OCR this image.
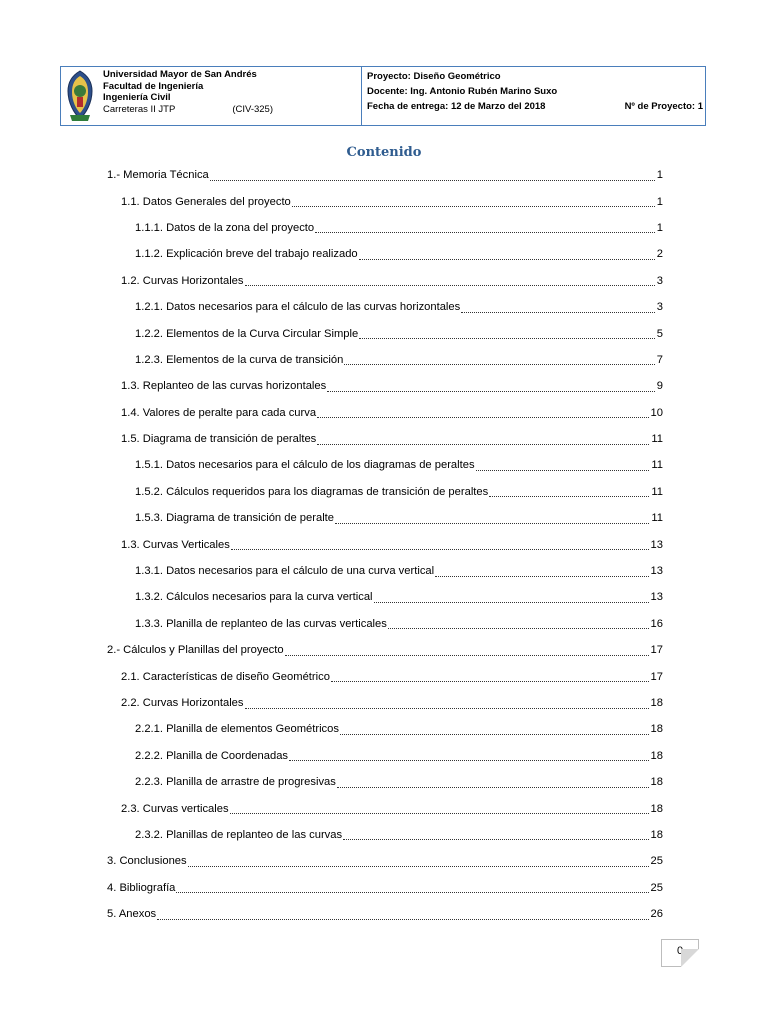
Universidad Mayor de San Andrés
Facultad de Ingeniería
Ingeniería Civil
Carreteras II JTP	(CIV-325)
Proyecto: Diseño Geométrico
Docente: Ing. Antonio Rubén Marino Suxo
Fecha de entrega: 12 de Marzo del 2018	Nº de Proyecto: 1
Contenido
1.- Memoria Técnica	1
1.1. Datos Generales del proyecto	1
1.1.1. Datos de la zona del proyecto	1
1.1.2. Explicación breve del trabajo realizado	2
1.2. Curvas Horizontales	3
1.2.1. Datos necesarios para el cálculo de las curvas horizontales	3
1.2.2. Elementos de la Curva Circular Simple	5
1.2.3. Elementos de la curva de transición	7
1.3. Replanteo de las curvas horizontales	9
1.4. Valores de peralte para cada curva	10
1.5. Diagrama de transición de peraltes	11
1.5.1. Datos necesarios para el cálculo de los diagramas de peraltes	11
1.5.2. Cálculos requeridos para los diagramas de transición de peraltes	11
1.5.3. Diagrama de transición de peralte	11
1.3. Curvas Verticales	13
1.3.1. Datos necesarios para el cálculo de una curva vertical	13
1.3.2. Cálculos necesarios para la curva vertical	13
1.3.3. Planilla de replanteo de las curvas verticales	16
2.- Cálculos y Planillas del proyecto	17
2.1. Características de diseño Geométrico	17
2.2. Curvas Horizontales	18
2.2.1. Planilla de elementos Geométricos	18
2.2.2. Planilla de Coordenadas	18
2.2.3. Planilla de arrastre de progresivas	18
2.3. Curvas verticales	18
2.3.2. Planillas de replanteo de las curvas	18
3. Conclusiones	25
4. Bibliografía	25
5. Anexos	26
0
